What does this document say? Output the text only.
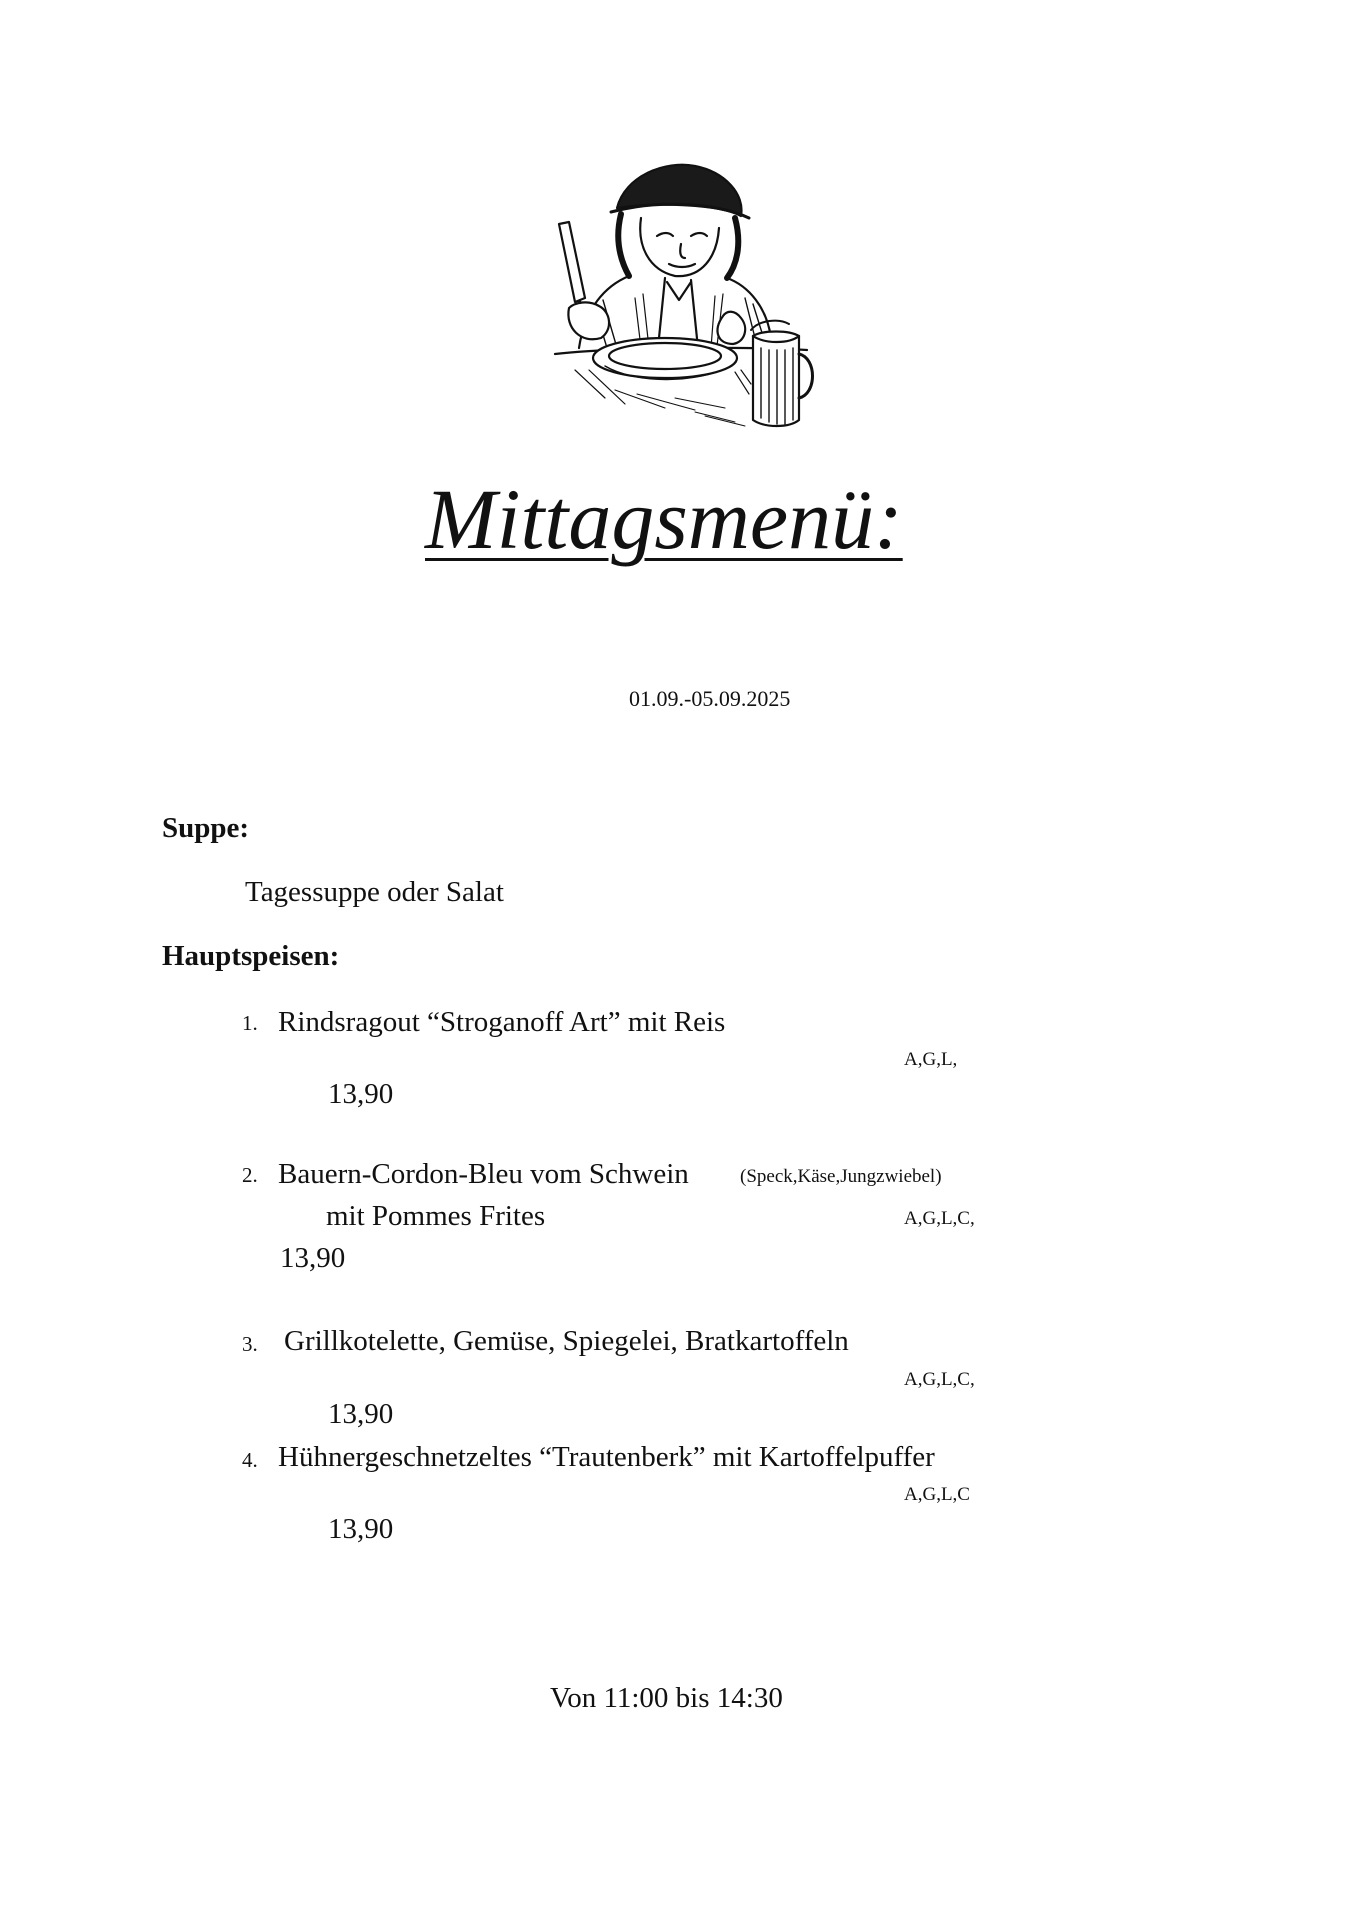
Mittagsmenü:
01.09.-05.09.2025
Suppe:
Tagessuppe oder Salat
Hauptspeisen:
1. Rindsragout “Stroganoff Art” mit Reis
A,G,L,
13,90
2. Bauern-Cordon-Bleu vom Schwein	(Speck,Käse,Jungzwiebel)
mit Pommes Frites	A,G,L,C,
13,90
3. Grillkotelette, Gemüse, Spiegelei, Bratkartoffeln
A,G,L,C,
13,90
4. Hühnergeschnetzeltes “Trautenberk” mit Kartoffelpuffer
A,G,L,C
13,90
Von 11:00 bis 14:30
